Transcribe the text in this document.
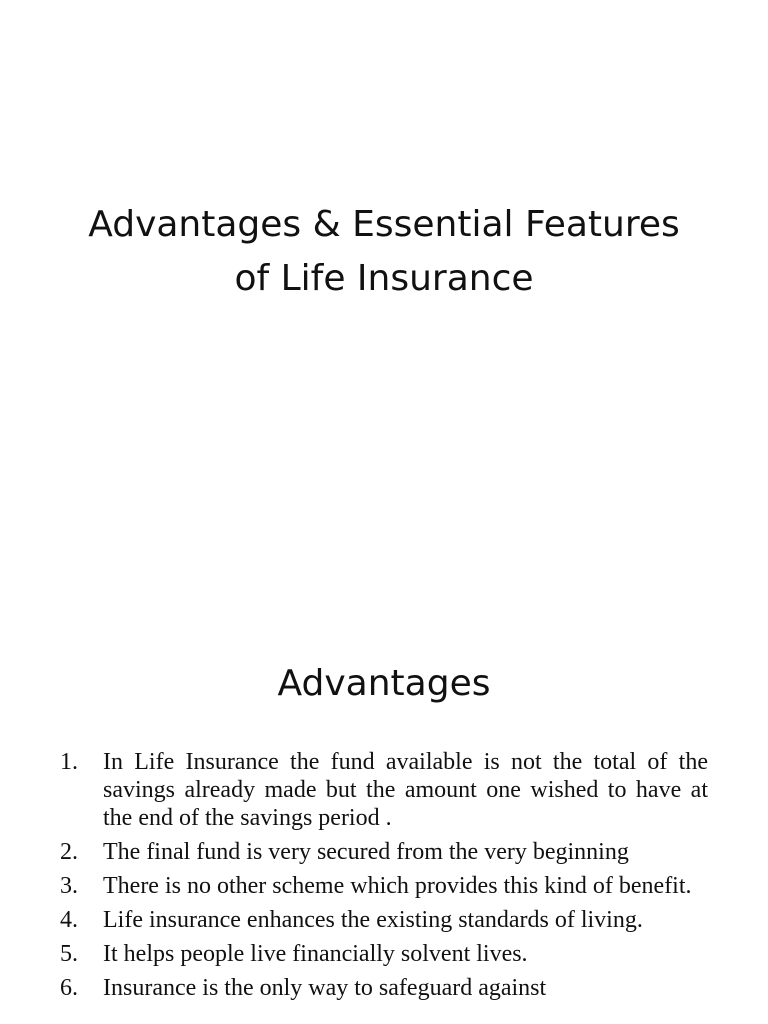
Advantages & Essential Features
of Life Insurance
Advantages
1. In Life Insurance the fund available is not the total of the savings already made but the amount one wished to have at the end of the savings period .
2. The final fund is very secured from the very beginning
3. There is no other scheme which provides this kind of benefit.
4. Life insurance enhances the existing standards of living.
5. It helps people live financially solvent lives.
6. Insurance is the only way to safeguard against
